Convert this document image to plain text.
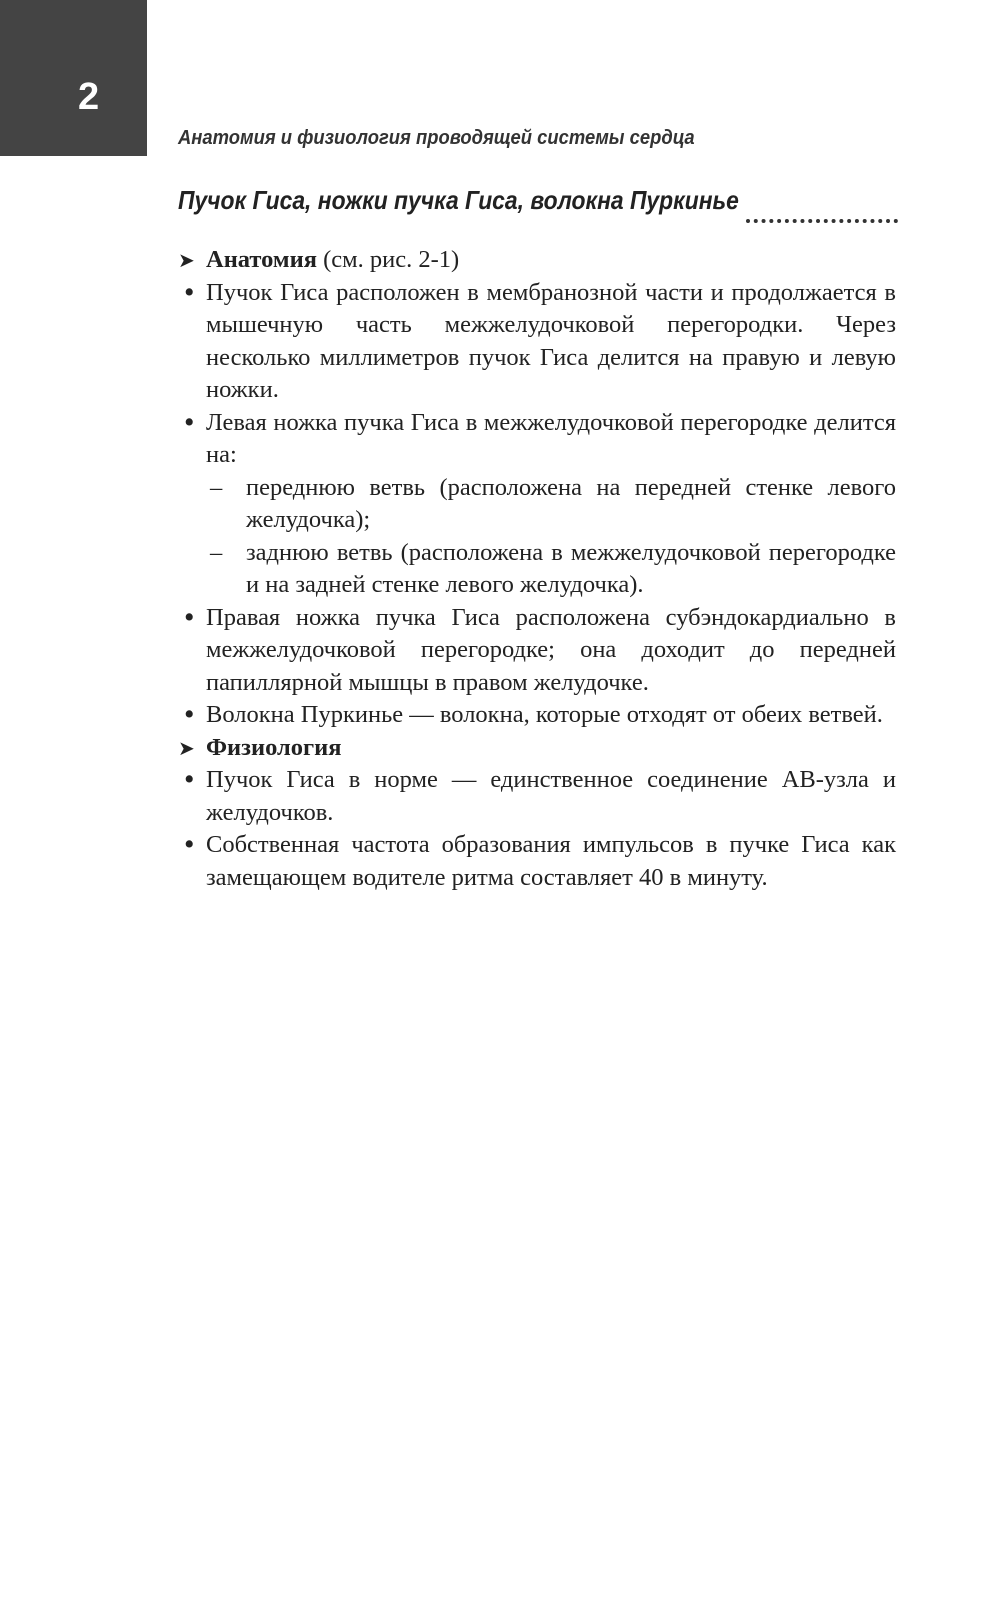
2
Анатомия и физиология проводящей системы сердца
Пучок Гиса, ножки пучка Гиса, волокна Пуркинье
➤ Анатомия (см. рис. 2-1)
• Пучок Гиса расположен в мембранозной части и продолжается в мышечную часть межжелудочковой перегородки. Через несколько миллиметров пучок Гиса делится на правую и левую ножки.
• Левая ножка пучка Гиса в межжелудочковой перегородке делится на:
– переднюю ветвь (расположена на передней стенке левого желудочка);
– заднюю ветвь (расположена в межжелудочковой перегородке и на задней стенке левого желудочка).
• Правая ножка пучка Гиса расположена субэндокардиально в межжелудочковой перегородке; она доходит до передней папиллярной мышцы в правом желудочке.
• Волокна Пуркинье — волокна, которые отходят от обеих ветвей.
➤ Физиология
• Пучок Гиса в норме — единственное соединение АВ-узла и желудочков.
• Собственная частота образования импульсов в пучке Гиса как замещающем водителе ритма составляет 40 в минуту.
